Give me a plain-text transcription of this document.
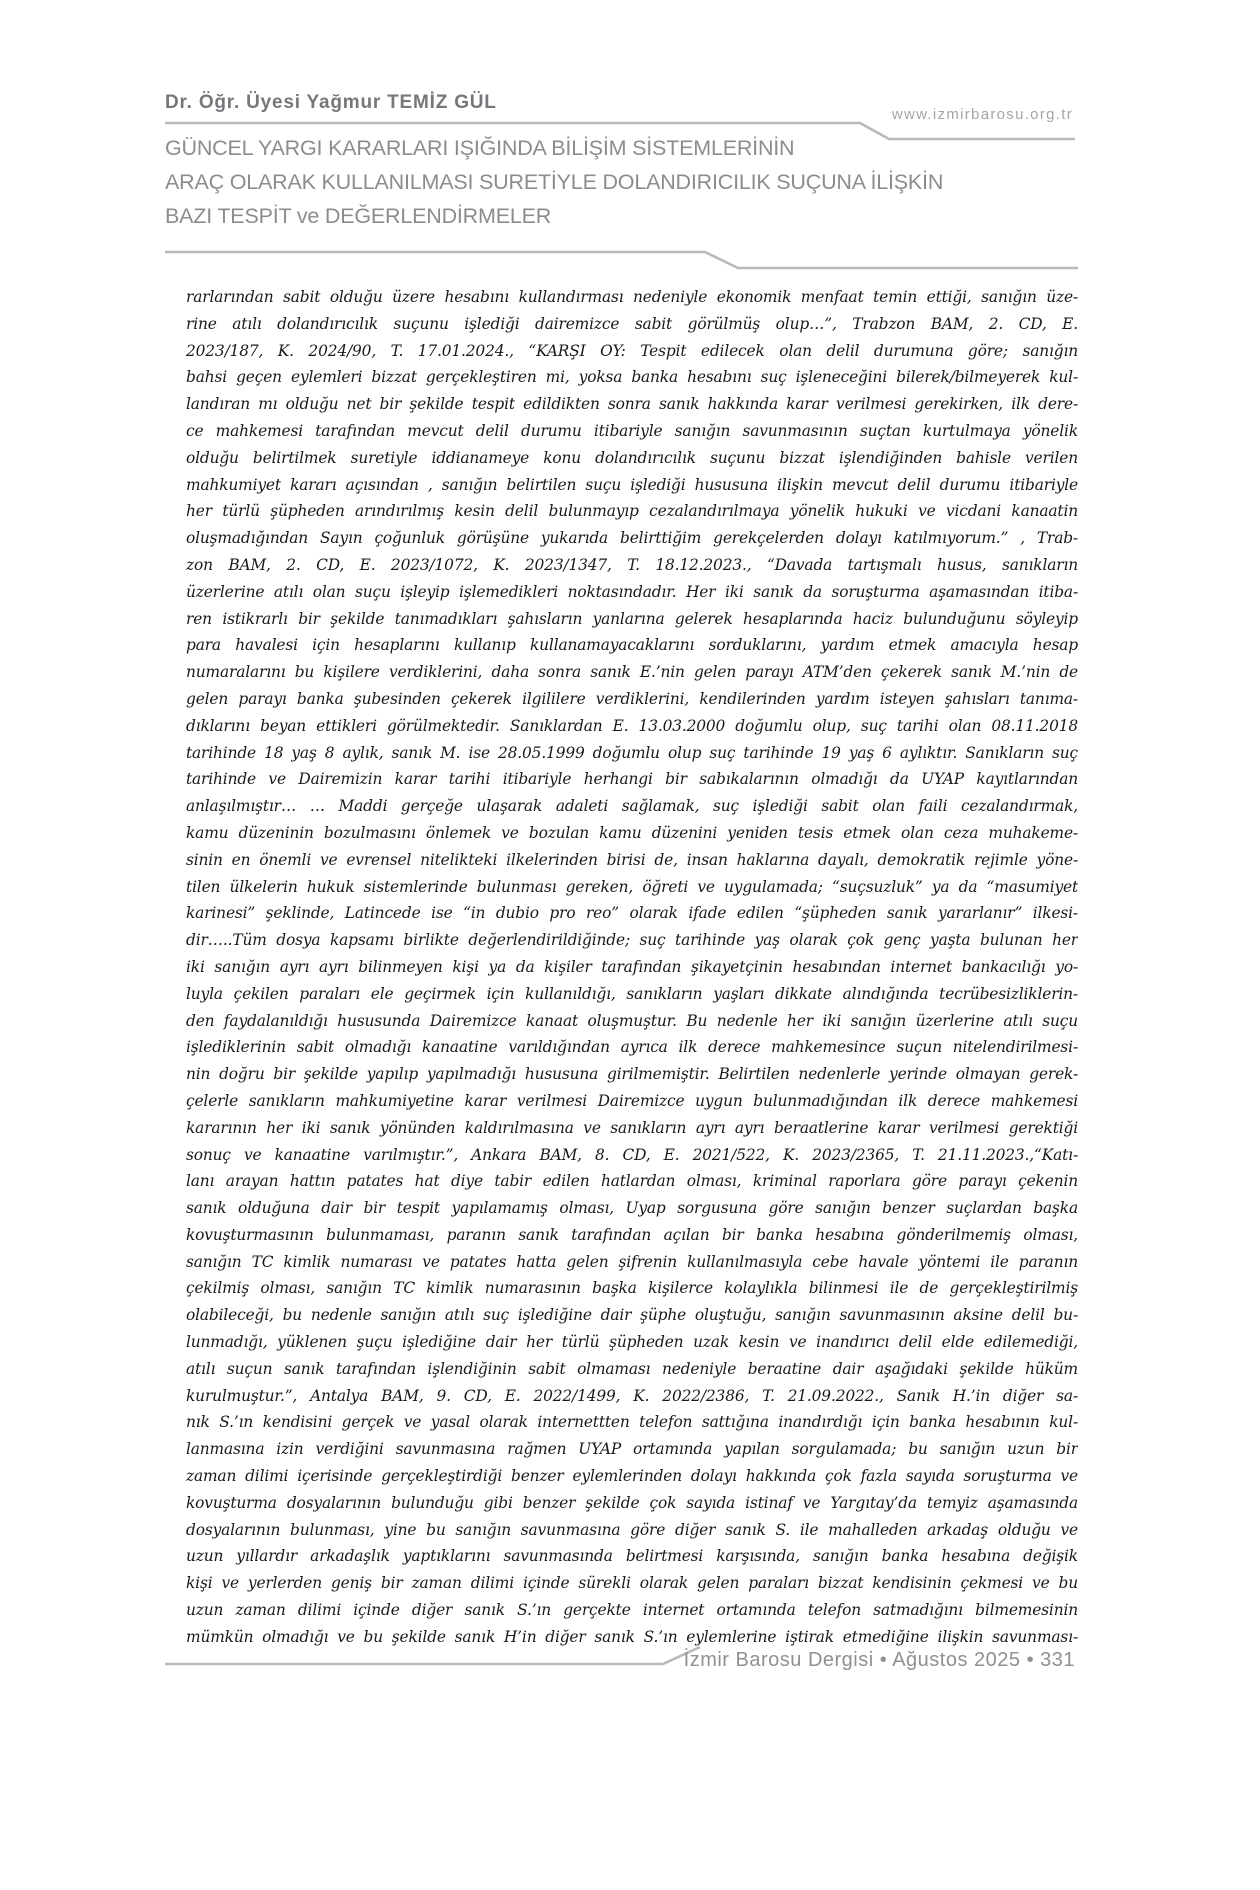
Dr. Öğr. Üyesi Yağmur TEMİZ GÜL
www.izmirbarosu.org.tr
GÜNCEL YARGI KARARLARI IŞIĞINDA BİLİŞİM SİSTEMLERİNİN
ARAÇ OLARAK KULLANILMASI SURETİYLE DOLANDIRICILIK SUÇUNA İLİŞKİN
BAZI TESPİT ve DEĞERLENDİRMELER
rarlarından sabit olduğu üzere hesabını kullandırması nedeniyle ekonomik menfaat temin ettiği, sanığın üze-
rine atılı dolandırıcılık suçunu işlediği dairemizce sabit görülmüş olup…”, Trabzon BAM, 2. CD, E.
2023/187, K. 2024/90, T. 17.01.2024., “KARŞI OY: Tespit edilecek olan delil durumuna göre; sanığın
bahsi geçen eylemleri bizzat gerçekleştiren mi, yoksa banka hesabını suç işleneceğini bilerek/bilmeyerek kul-
landıran mı olduğu net bir şekilde tespit edildikten sonra sanık hakkında karar verilmesi gerekirken, ilk dere-
ce mahkemesi tarafından mevcut delil durumu itibariyle sanığın savunmasının suçtan kurtulmaya yönelik
olduğu belirtilmek suretiyle iddianameye konu dolandırıcılık suçunu bizzat işlendiğinden bahisle verilen
mahkumiyet kararı açısından , sanığın belirtilen suçu işlediği hususuna ilişkin mevcut delil durumu itibariyle
her türlü şüpheden arındırılmış kesin delil bulunmayıp cezalandırılmaya yönelik hukuki ve vicdani kanaatin
oluşmadığından Sayın çoğunluk görüşüne yukarıda belirttiğim gerekçelerden dolayı katılmıyorum.” , Trab-
zon BAM, 2. CD, E. 2023/1072, K. 2023/1347, T. 18.12.2023., “Davada tartışmalı husus, sanıkların
üzerlerine atılı olan suçu işleyip işlemedikleri noktasındadır. Her iki sanık da soruşturma aşamasından itiba-
ren istikrarlı bir şekilde tanımadıkları şahısların yanlarına gelerek hesaplarında haciz bulunduğunu söyleyip
para havalesi için hesaplarını kullanıp kullanamayacaklarını sorduklarını, yardım etmek amacıyla hesap
numaralarını bu kişilere verdiklerini, daha sonra sanık E.’nin gelen parayı ATM’den çekerek sanık M.’nin de
gelen parayı banka şubesinden çekerek ilgililere verdiklerini, kendilerinden yardım isteyen şahısları tanıma-
dıklarını beyan ettikleri görülmektedir. Sanıklardan E. 13.03.2000 doğumlu olup, suç tarihi olan 08.11.2018
tarihinde 18 yaş 8 aylık, sanık M. ise 28.05.1999 doğumlu olup suç tarihinde 19 yaş 6 aylıktır. Sanıkların suç
tarihinde ve Dairemizin karar tarihi itibariyle herhangi bir sabıkalarının olmadığı da UYAP kayıtlarından
anlaşılmıştır… … Maddi gerçeğe ulaşarak adaleti sağlamak, suç işlediği sabit olan faili cezalandırmak,
kamu düzeninin bozulmasını önlemek ve bozulan kamu düzenini yeniden tesis etmek olan ceza muhakeme-
sinin en önemli ve evrensel nitelikteki ilkelerinden birisi de, insan haklarına dayalı, demokratik rejimle yöne-
tilen ülkelerin hukuk sistemlerinde bulunması gereken, öğreti ve uygulamada; “suçsuzluk” ya da “masumiyet
karinesi” şeklinde, Latincede ise “in dubio pro reo” olarak ifade edilen “şüpheden sanık yararlanır” ilkesi-
dir…..Tüm dosya kapsamı birlikte değerlendirildiğinde; suç tarihinde yaş olarak çok genç yaşta bulunan her
iki sanığın ayrı ayrı bilinmeyen kişi ya da kişiler tarafından şikayetçinin hesabından internet bankacılığı yo-
luyla çekilen paraları ele geçirmek için kullanıldığı, sanıkların yaşları dikkate alındığında tecrübesizliklerin-
den faydalanıldığı hususunda Dairemizce kanaat oluşmuştur. Bu nedenle her iki sanığın üzerlerine atılı suçu
işlediklerinin sabit olmadığı kanaatine varıldığından ayrıca ilk derece mahkemesince suçun nitelendirilmesi-
nin doğru bir şekilde yapılıp yapılmadığı hususuna girilmemiştir. Belirtilen nedenlerle yerinde olmayan gerek-
çelerle sanıkların mahkumiyetine karar verilmesi Dairemizce uygun bulunmadığından ilk derece mahkemesi
kararının her iki sanık yönünden kaldırılmasına ve sanıkların ayrı ayrı beraatlerine karar verilmesi gerektiği
sonuç ve kanaatine varılmıştır.”, Ankara BAM, 8. CD, E. 2021/522, K. 2023/2365, T. 21.11.2023.,“Katı-
lanı arayan hattın patates hat diye tabir edilen hatlardan olması, kriminal raporlara göre parayı çekenin
sanık olduğuna dair bir tespit yapılamamış olması, Uyap sorgusuna göre sanığın benzer suçlardan başka
kovuşturmasının bulunmaması, paranın sanık tarafından açılan bir banka hesabına gönderilmemiş olması,
sanığın TC kimlik numarası ve patates hatta gelen şifrenin kullanılmasıyla cebe havale yöntemi ile paranın
çekilmiş olması, sanığın TC kimlik numarasının başka kişilerce kolaylıkla bilinmesi ile de gerçekleştirilmiş
olabileceği, bu nedenle sanığın atılı suç işlediğine dair şüphe oluştuğu, sanığın savunmasının aksine delil bu-
lunmadığı, yüklenen şuçu işlediğine dair her türlü şüpheden uzak kesin ve inandırıcı delil elde edilemediği,
atılı suçun sanık tarafından işlendiğinin sabit olmaması nedeniyle beraatine dair aşağıdaki şekilde hüküm
kurulmuştur.”, Antalya BAM, 9. CD, E. 2022/1499, K. 2022/2386, T. 21.09.2022., Sanık H.’in diğer sa-
nık S.’ın kendisini gerçek ve yasal olarak internettten telefon sattığına inandırdığı için banka hesabının kul-
lanmasına izin verdiğini savunmasına rağmen UYAP ortamında yapılan sorgulamada; bu sanığın uzun bir
zaman dilimi içerisinde gerçekleştirdiği benzer eylemlerinden dolayı hakkında çok fazla sayıda soruşturma ve
kovuşturma dosyalarının bulunduğu gibi benzer şekilde çok sayıda istinaf ve Yargıtay’da temyiz aşamasında
dosyalarının bulunması, yine bu sanığın savunmasına göre diğer sanık S. ile mahalleden arkadaş olduğu ve
uzun yıllardır arkadaşlık yaptıklarını savunmasında belirtmesi karşısında, sanığın banka hesabına değişik
kişi ve yerlerden geniş bir zaman dilimi içinde sürekli olarak gelen paraları bizzat kendisinin çekmesi ve bu
uzun zaman dilimi içinde diğer sanık S.’ın gerçekte internet ortamında telefon satmadığını bilmemesinin
mümkün olmadığı ve bu şekilde sanık H’in diğer sanık S.’ın eylemlerine iştirak etmediğine ilişkin savunması-
İzmir Barosu Dergisi • Ağustos 2025 • 331
